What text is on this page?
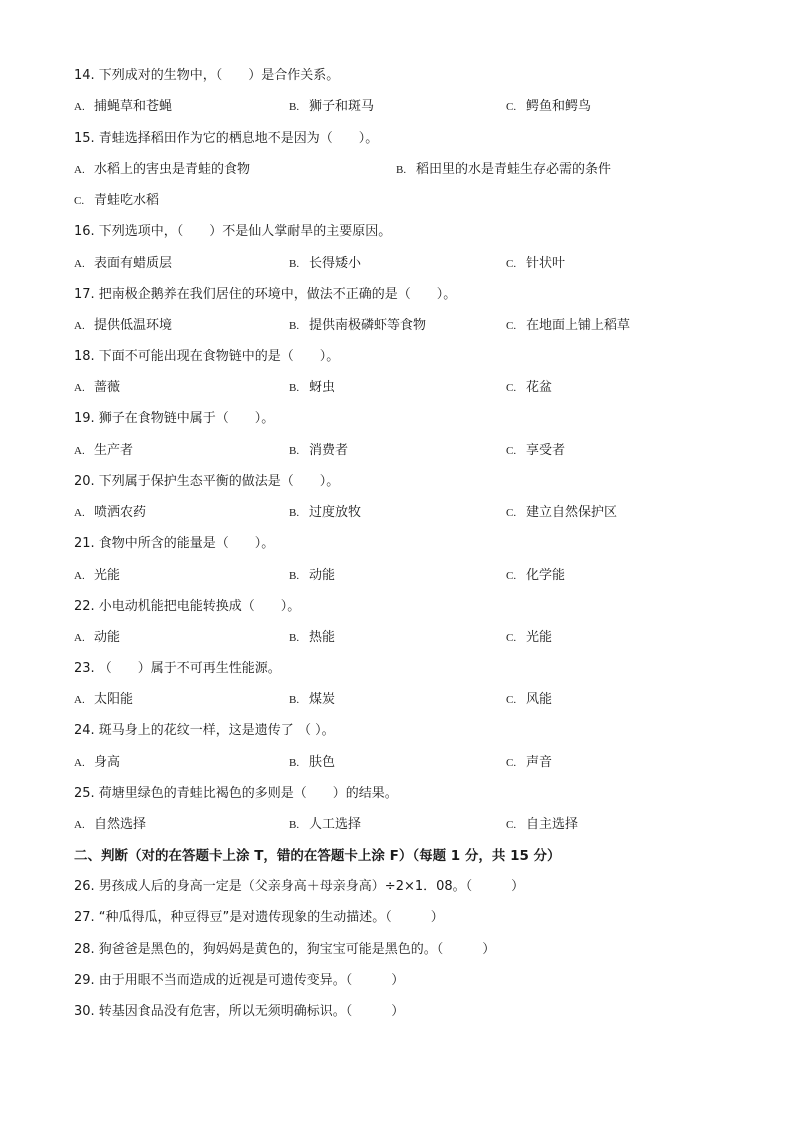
14. 下列成对的生物中，（　　）是合作关系。
A. 捕蝇草和苍蝇	B. 狮子和斑马	C. 鳄鱼和鳄鸟
15. 青蛙选择稻田作为它的栖息地不是因为（　　）。
A. 水稻上的害虫是青蛙的食物	B. 稻田里的水是青蛙生存必需的条件
C. 青蛙吃水稻
16. 下列选项中，（　　）不是仙人掌耐旱的主要原因。
A. 表面有蜡质层	B. 长得矮小	C. 针状叶
17. 把南极企鹅养在我们居住的环境中，做法不正确的是（　　）。
A. 提供低温环境	B. 提供南极磷虾等食物	C. 在地面上铺上稻草
18. 下面不可能出现在食物链中的是（　　）。
A. 蔷薇	B. 蚜虫	C. 花盆
19. 狮子在食物链中属于（　　）。
A. 生产者	B. 消费者	C. 享受者
20. 下列属于保护生态平衡的做法是（　　）。
A. 喷洒农药	B. 过度放牧	C. 建立自然保护区
21. 食物中所含的能量是（　　）。
A. 光能	B. 动能	C. 化学能
22. 小电动机能把电能转换成（　　）。
A. 动能	B. 热能	C. 光能
23. （　　）属于不可再生性能源。
A. 太阳能	B. 煤炭	C. 风能
24. 斑马身上的花纹一样，这是遗传了 （ ）。
A. 身高	B. 肤色	C. 声音
25. 荷塘里绿色的青蛙比褐色的多则是（　　）的结果。
A. 自然选择	B. 人工选择	C. 自主选择
二、判断（对的在答题卡上涂 T，错的在答题卡上涂 F）（每题 1 分，共 15 分）
26. 男孩成人后的身高一定是（父亲身高＋母亲身高）÷2×1．08。（　　　）
27. “种瓜得瓜，种豆得豆”是对遗传现象的生动描述。（　　　）
28. 狗爸爸是黑色的，狗妈妈是黄色的，狗宝宝可能是黑色的。（　　　）
29. 由于用眼不当而造成的近视是可遗传变异。（　　　）
30. 转基因食品没有危害，所以无须明确标识。（　　　）
